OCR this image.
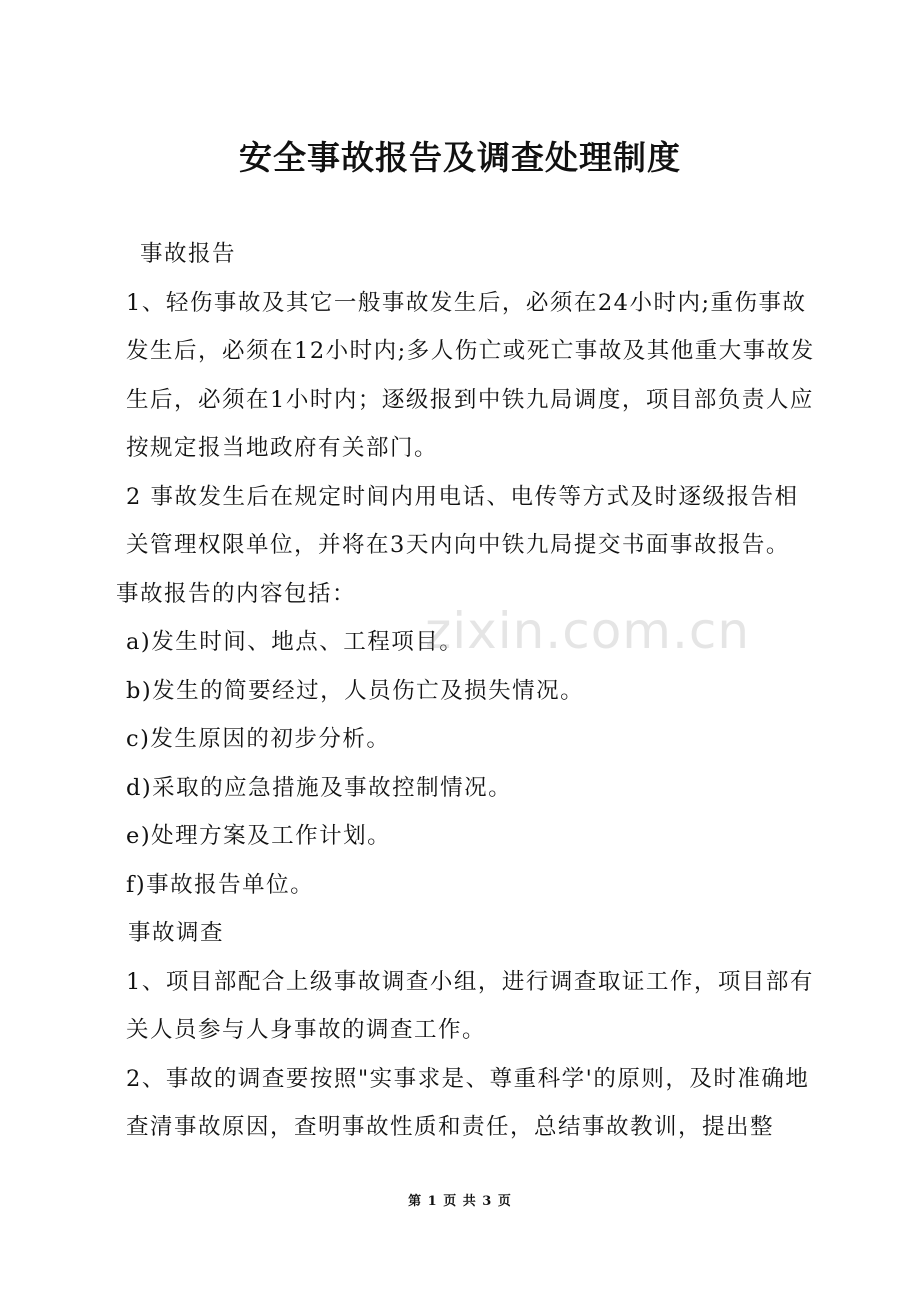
安全事故报告及调查处理制度

事故报告

1、轻伤事故及其它一般事故发生后，必须在24小时内;重伤事故发生后，必须在12小时内;多人伤亡或死亡事故及其他重大事故发生后，必须在1小时内；逐级报到中铁九局调度，项目部负责人应按规定报当地政府有关部门。

2 事故发生后在规定时间内用电话、电传等方式及时逐级报告相关管理权限单位，并将在3天内向中铁九局提交书面事故报告。

事故报告的内容包括：

a)发生时间、地点、工程项目。

b)发生的简要经过，人员伤亡及损失情况。

c)发生原因的初步分析。

d)采取的应急措施及事故控制情况。

e)处理方案及工作计划。

f)事故报告单位。

事故调查

1、项目部配合上级事故调查小组，进行调查取证工作，项目部有关人员参与人身事故的调查工作。

2、事故的调查要按照"实事求是、尊重科学'的原则，及时准确地查清事故原因，查明事故性质和责任，总结事故教训，提出整

zixin.com.cn
第 1 页 共 3 页
